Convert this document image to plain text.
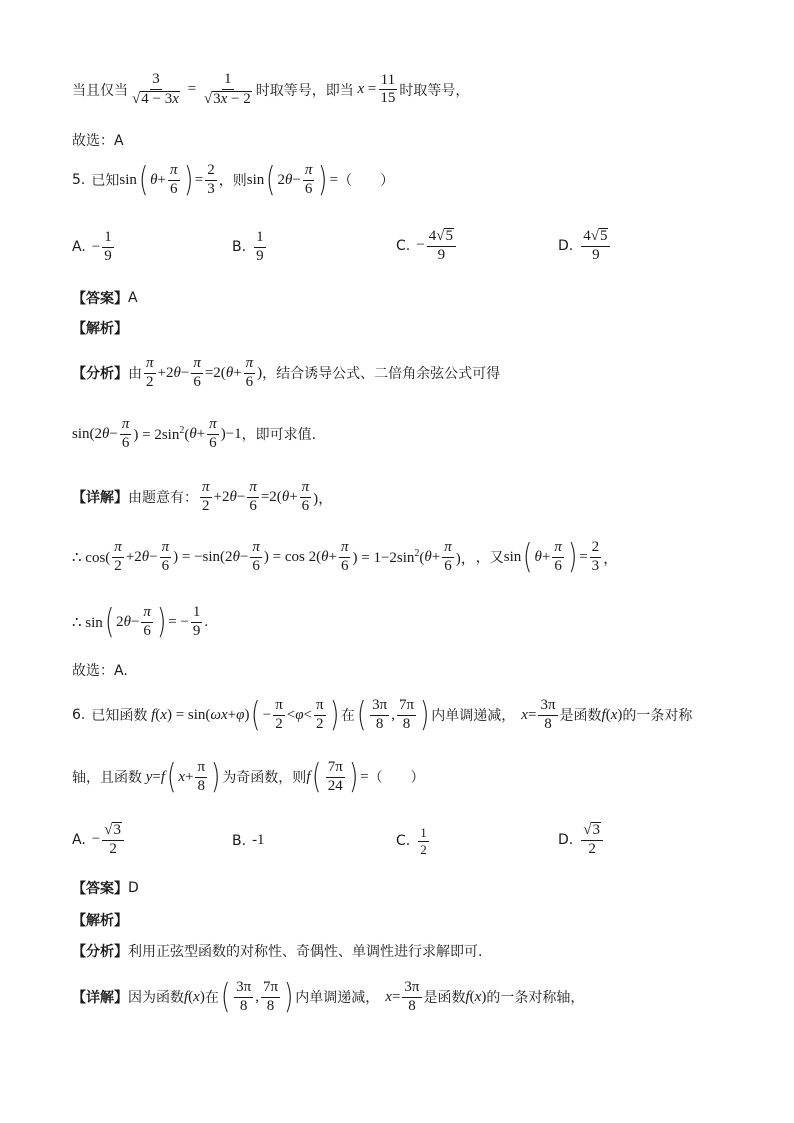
当且仅当 $\frac{3}{√ 4 - 3x} = \frac{1}{√ 3x - 2}$ 时取等号，即当 $x = \frac{11}{15}$ 时取等号，
故选：A
5. 已知 sin ( $\theta + \frac{\pi}{6}$ ) = $\frac{2}{3}$ ，则 sin ( 2 $\theta - \frac{\pi}{6}$ ) = （　　）
A. − $\frac{1}{9}$	B. $\frac{1}{9}$	C. − $\frac{4 √ 5}{9}$	D. $\frac{4 √ 5}{9}$
【答案】 A
【解析】
【分析】 由 $\frac{\pi}{2} +2$ $\theta - \frac{\pi}{6} =2$( $\theta + \frac{\pi}{6}$ ) ，结合诱导公式、二倍角余弦公式可得
sin(2 $\theta - \frac{\pi}{6}$ ) = $2\sin^2$( $\theta + \frac{\pi}{6} )-1$ ，即可求值.
【详解】 由题意有： $\frac{\pi}{2} +2$ $\theta - \frac{\pi}{6} =2$( $\theta + \frac{\pi}{6}$ )，
∴ $\cos( \frac{\pi}{2} +2$ $\theta - \frac{\pi}{6}$ ) = −sin(2 $\theta - \frac{\pi}{6}$ ) = cos 2( $\theta + \frac{\pi}{6}$ ) = $1-2\sin^2$( $\theta + \frac{\pi}{6}$ )， ，又 sin ( $\theta + \frac{\pi}{6}$ ) = $\frac{2}{3}$ ，
∴ sin ( 2 $\theta - \frac{\pi}{6}$ ) = − $\frac{1}{9}$ .
故选：A.
6. 已知函数 f ( x ) = sin( ωx + φ ) ( − $\frac{\pi}{2} < \varphi < \frac{\pi}{2}$ ) 在 ( $\frac{3\pi}{8}$ , $\frac{7\pi}{8}$ ) 内单调递减， $x = \frac{3\pi}{8}$ 是函数 f (x) 的一条对称
轴，且函数 y = f ( $x + \frac{\pi}{8}$ ) 为奇函数，则 f ( $\frac{7\pi}{24}$ ) = （　　）
A. − $\frac{√ 3}{2}$	B. -1	C. $\frac{1}{2}$	D. $\frac{√ 3}{2}$
【答案】 D
【解析】
【分析】 利用正弦型函数的对称性、奇偶性、单调性进行求解即可.
【详解】 因为函数 f (x) 在 ( $\frac{3\pi}{8}$ , $\frac{7\pi}{8}$ ) 内单调递减， $x = \frac{3\pi}{8}$ 是函数 f (x) 的一条对称轴，
